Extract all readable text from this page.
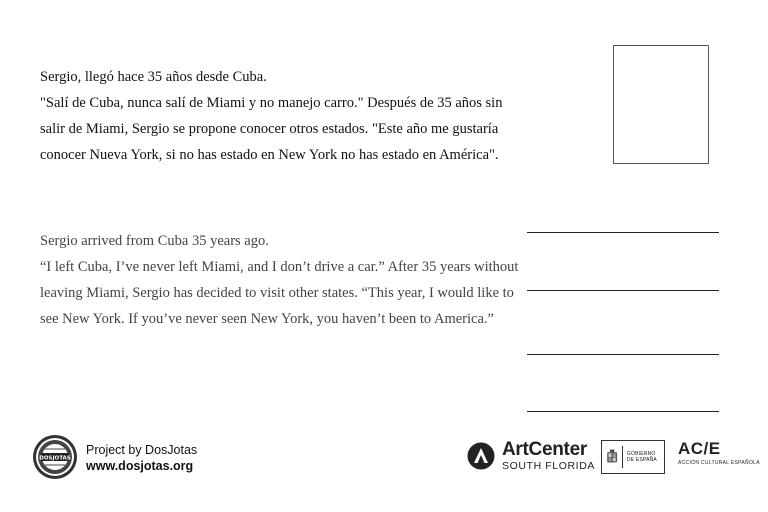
Sergio, llegó hace 35 años desde Cuba.

"Salí de Cuba, nunca salí de Miami y no manejo carro." Después de 35 años sin salir de Miami, Sergio se propone conocer otros estados. "Este año me gustaría conocer Nueva York, si no has estado en New York no has estado en América".

Sergio arrived from Cuba 35 years ago.

“I left Cuba, I’ve never left Miami, and I don’t drive a car.” After 35 years without leaving Miami, Sergio has decided to visit other states. “This year, I would like to see New York. If you’ve never seen New York, you haven’t been to America.”

DOSJOTAS
Project by DosJotas
www.dosjotas.org
ArtCenter
SOUTH FLORIDA
GOBIERNO DE ESPAÑA
AC/E
ACCIÓN CULTURAL ESPAÑOLA
